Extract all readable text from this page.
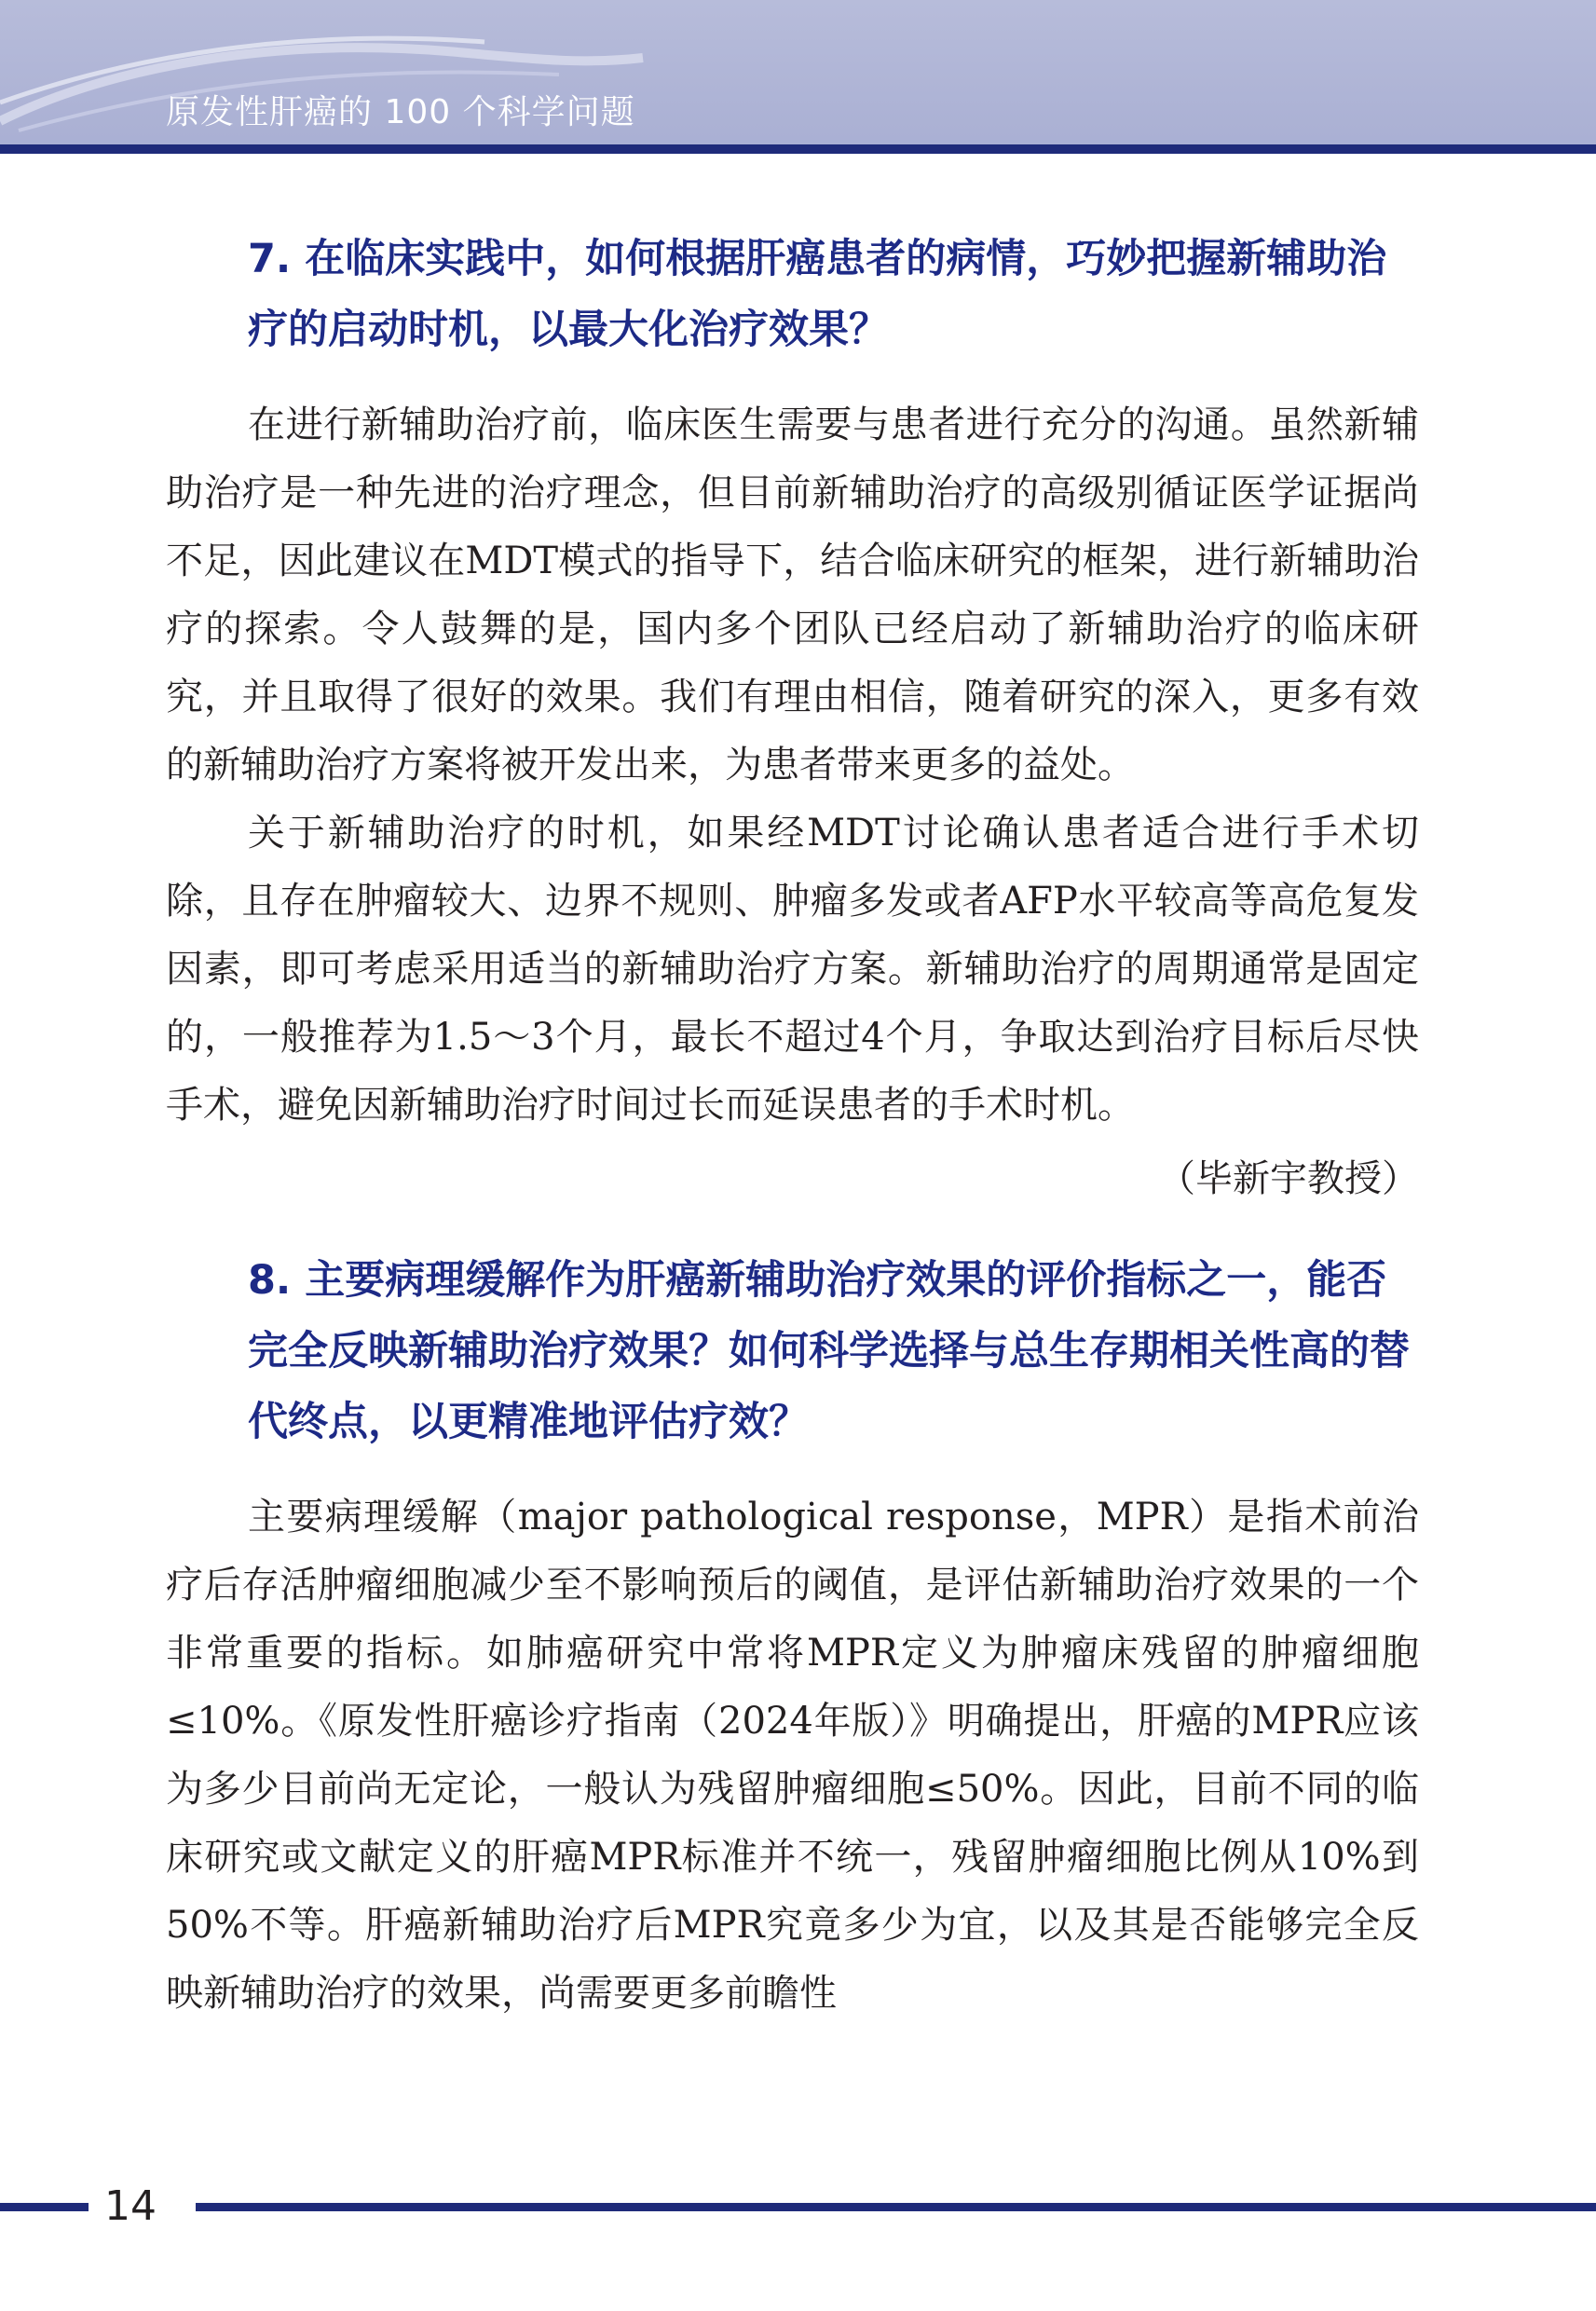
原发性肝癌的 100 个科学问题
7. 在临床实践中，如何根据肝癌患者的病情，巧妙把握新辅助治疗的启动时机，以最大化治疗效果？

在进行新辅助治疗前，临床医生需要与患者进行充分的沟通。虽然新辅助治疗是一种先进的治疗理念，但目前新辅助治疗的高级别循证医学证据尚不足，因此建议在MDT模式的指导下，结合临床研究的框架，进行新辅助治疗的探索。令人鼓舞的是，国内多个团队已经启动了新辅助治疗的临床研究，并且取得了很好的效果。我们有理由相信，随着研究的深入，更多有效的新辅助治疗方案将被开发出来，为患者带来更多的益处。

关于新辅助治疗的时机，如果经MDT讨论确认患者适合进行手术切除，且存在肿瘤较大、边界不规则、肿瘤多发或者AFP水平较高等高危复发因素，即可考虑采用适当的新辅助治疗方案。新辅助治疗的周期通常是固定的，一般推荐为1.5～3个月，最长不超过4个月，争取达到治疗目标后尽快手术，避免因新辅助治疗时间过长而延误患者的手术时机。

（毕新宇教授）
8. 主要病理缓解作为肝癌新辅助治疗效果的评价指标之一，能否完全反映新辅助治疗效果？如何科学选择与总生存期相关性高的替代终点，以更精准地评估疗效？

主要病理缓解（major pathological response，MPR）是指术前治疗后存活肿瘤细胞减少至不影响预后的阈值，是评估新辅助治疗效果的一个非常重要的指标。如肺癌研究中常将MPR定义为肿瘤床残留的肿瘤细胞≤10%。《原发性肝癌诊疗指南（2024年版）》明确提出，肝癌的MPR应该为多少目前尚无定论，一般认为残留肿瘤细胞≤50%。因此，目前不同的临床研究或文献定义的肝癌MPR标准并不统一，残留肿瘤细胞比例从10%到50%不等。肝癌新辅助治疗后MPR究竟多少为宜，以及其是否能够完全反映新辅助治疗的效果，尚需要更多前瞻性

14
